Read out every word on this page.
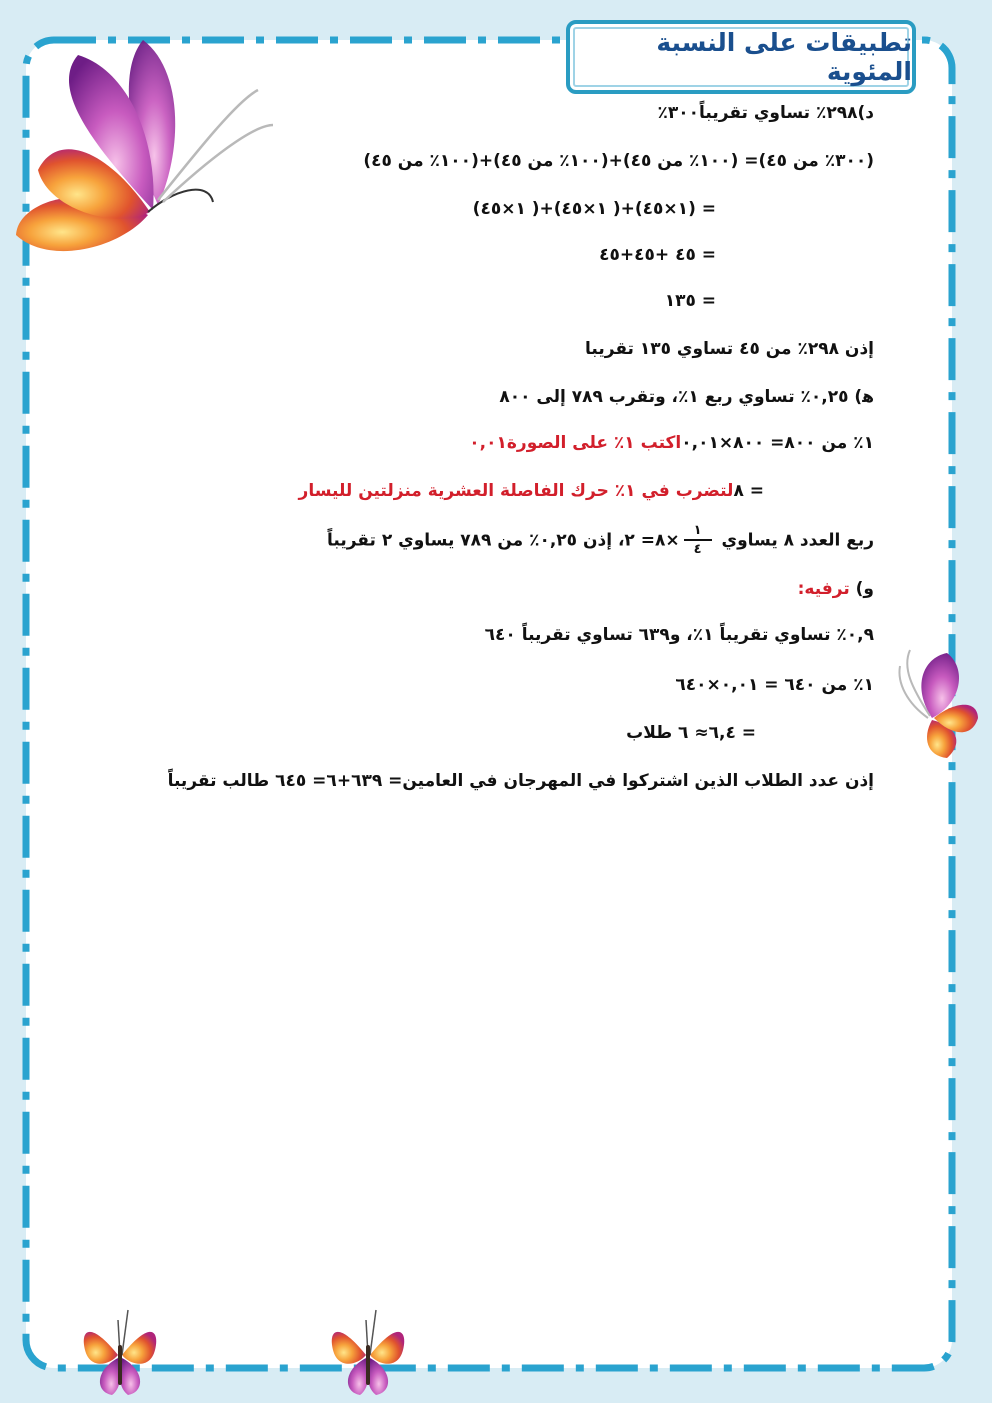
تطبيقات على النسبة المئوية
د)٢٩٨٪ تساوي تقريباً٣٠٠٪
(٣٠٠٪ من ٤٥)= (١٠٠٪ من ٤٥)+(١٠٠٪ من ٤٥)+(١٠٠٪ من ٤٥)
= (١×٤٥)+( ١×٤٥)+( ١×٤٥)
= ٤٥ +٤٥+٤٥
= ١٣٥
إذن ٢٩٨٪ من ٤٥ تساوي ١٣٥ تقريبا
ﻫ) ٠,٢٥٪ تساوي ربع ١٪، وتقرب ٧٨٩ إلى ٨٠٠
١٪ من ٨٠٠= ٨٠٠×٠,٠١اكتب ١٪ على الصورة٠,٠١
= ٨لتضرب في ١٪ حرك الفاصلة العشرية منزلتين لليسار
ربع العدد ٨ يساوي
$\frac{١}{٤}$
×٨= ٢، إذن ٠,٢٥٪ من ٧٨٩ يساوي ٢ تقريباً
و) ترفيه:
٠,٩٪ تساوي تقريباً ١٪، و٦٣٩ تساوي تقريباً ٦٤٠
١٪ من ٦٤٠ = ٠,٠١×٦٤٠
= ٦,٤≈ ٦ طلاب
إذن عدد الطلاب الذين اشتركوا في المهرجان في العامين= ٦٣٩+٦= ٦٤٥ طالب تقريباً
